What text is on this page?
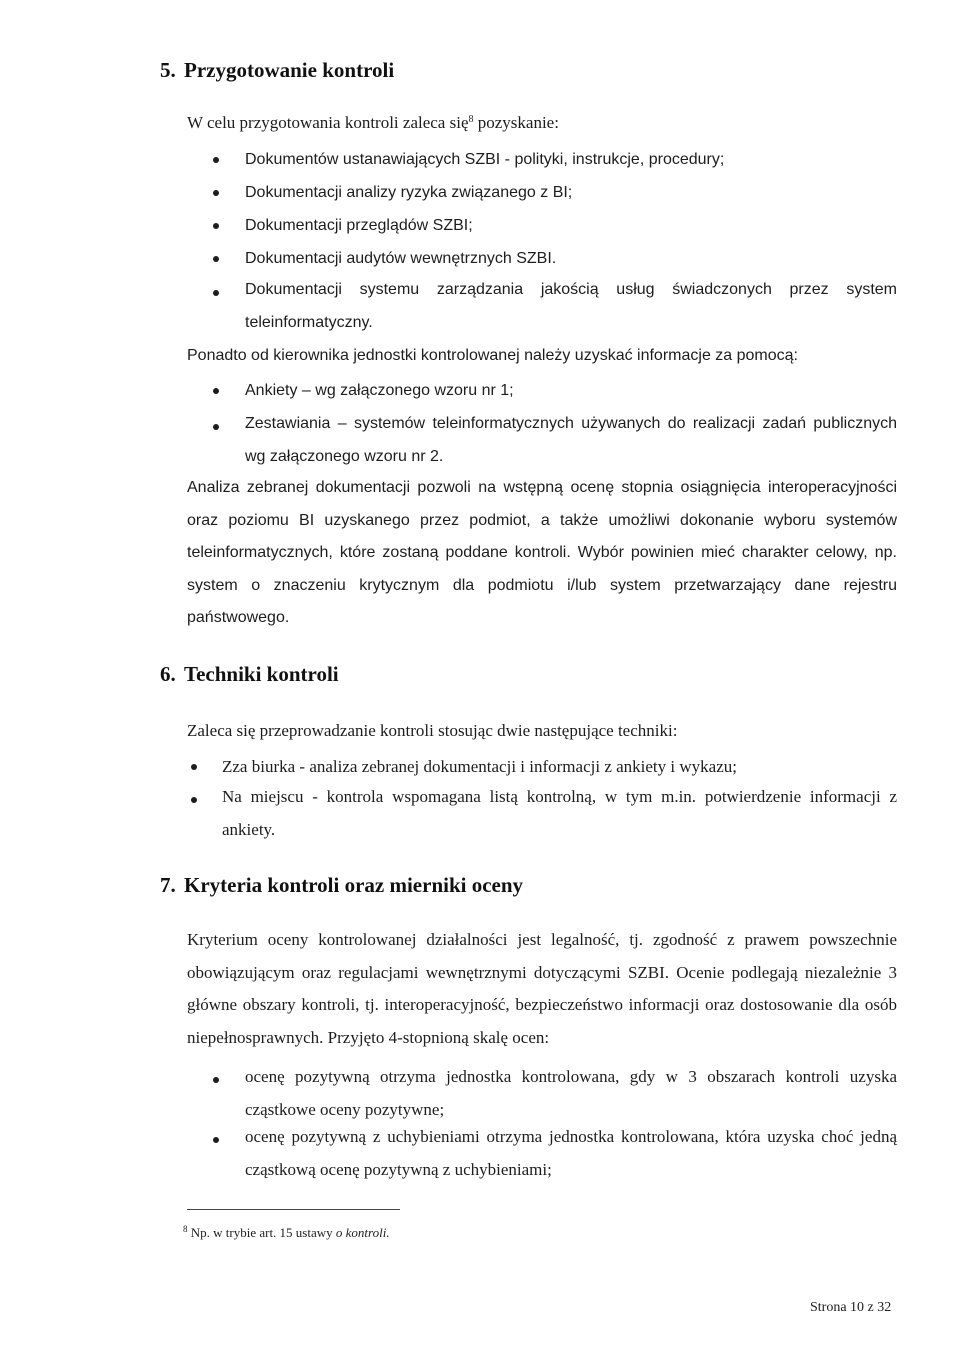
5. Przygotowanie kontroli

W celu przygotowania kontroli zaleca się$^8$ pozyskanie:

Dokumentów ustanawiających SZBI - polityki, instrukcje, procedury;

Dokumentacji analizy ryzyka związanego z BI;

Dokumentacji przeglądów SZBI;

Dokumentacji audytów wewnętrznych SZBI.

Dokumentacji systemu zarządzania jakością usług świadczonych przez system teleinformatyczny.

Ponadto od kierownika jednostki kontrolowanej należy uzyskać informacje za pomocą:

Ankiety – wg załączonego wzoru nr 1;

Zestawiania – systemów teleinformatycznych używanych do realizacji zadań publicznych wg załączonego wzoru nr 2.

Analiza zebranej dokumentacji pozwoli na wstępną ocenę stopnia osiągnięcia interoperacyjności oraz poziomu BI uzyskanego przez podmiot, a także umożliwi dokonanie wyboru systemów teleinformatycznych, które zostaną poddane kontroli. Wybór powinien mieć charakter celowy, np. system o znaczeniu krytycznym dla podmiotu i/lub system przetwarzający dane rejestru państwowego.

6. Techniki kontroli

Zaleca się przeprowadzanie kontroli stosując dwie następujące techniki:

Zza biurka - analiza zebranej dokumentacji i informacji z ankiety i wykazu;

Na miejscu - kontrola wspomagana listą kontrolną, w tym m.in. potwierdzenie informacji z ankiety.

7. Kryteria kontroli oraz mierniki oceny

Kryterium oceny kontrolowanej działalności jest legalność, tj. zgodność z prawem powszechnie obowiązującym oraz regulacjami wewnętrznymi dotyczącymi SZBI. Ocenie podlegają niezależnie 3 główne obszary kontroli, tj. interoperacyjność, bezpieczeństwo informacji oraz dostosowanie dla osób niepełnosprawnych. Przyjęto 4-stopnioną skalę ocen:

ocenę pozytywną otrzyma jednostka kontrolowana, gdy w 3 obszarach kontroli uzyska cząstkowe oceny pozytywne;

ocenę pozytywną z uchybieniami otrzyma jednostka kontrolowana, która uzyska choć jedną cząstkową ocenę pozytywną z uchybieniami;

$^8$ Np. w trybie art. 15 ustawy o kontroli.
Strona 10 z 32
